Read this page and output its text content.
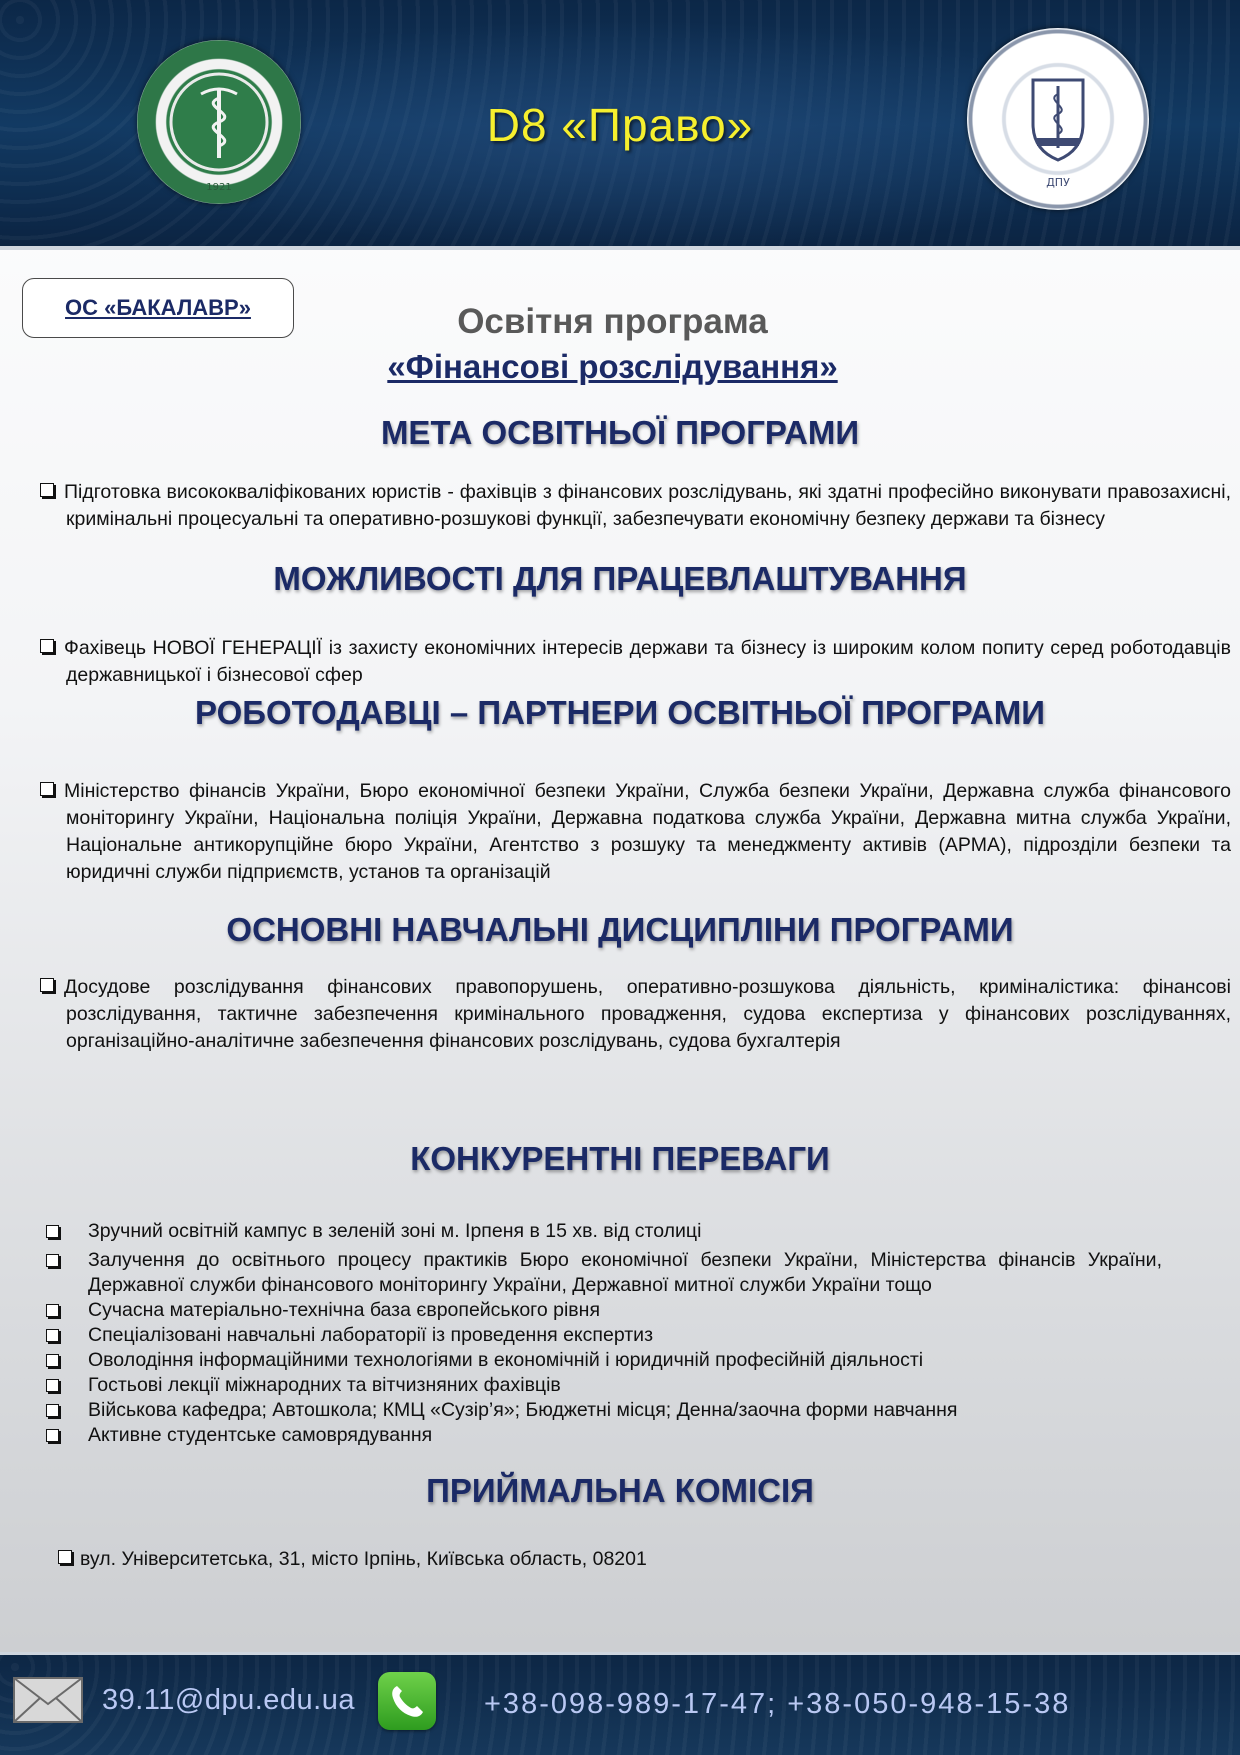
1921
D8 «Право»
ДПУ
ОС «БАКАЛАВР»	Освітня програма
«Фінансові розслідування»
МЕТА ОСВІТНЬОЇ ПРОГРАМИ
Підготовка висококваліфікованих юристів - фахівців з фінансових розслідувань, які здатні професійно виконувати правозахисні, кримінальні процесуальні та оперативно-розшукові функції, забезпечувати економічну безпеку держави та бізнесу
МОЖЛИВОСТІ ДЛЯ ПРАЦЕВЛАШТУВАННЯ
Фахівець НОВОЇ ГЕНЕРАЦІЇ із захисту економічних інтересів держави та бізнесу із широким колом попиту серед роботодавців державницької і бізнесової сфер
РОБОТОДАВЦІ – ПАРТНЕРИ ОСВІТНЬОЇ ПРОГРАМИ
Міністерство фінансів України, Бюро економічної безпеки України, Служба безпеки України, Державна служба фінансового моніторингу України, Національна поліція України, Державна податкова служба України, Державна митна служба України, Національне антикорупційне бюро України, Агентство з розшуку та менеджменту активів (АРМА), підрозділи безпеки та юридичні служби підприємств, установ та організацій
ОСНОВНІ НАВЧАЛЬНІ ДИСЦИПЛІНИ ПРОГРАМИ
Досудове розслідування фінансових правопорушень, оперативно-розшукова діяльність, криміналістика: фінансові розслідування, тактичне забезпечення кримінального провадження, судова експертиза у фінансових розслідуваннях, організаційно-аналітичне забезпечення фінансових розслідувань, судова бухгалтерія
КОНКУРЕНТНІ ПЕРЕВАГИ
Зручний освітній кампус в зеленій зоні м. Ірпеня в 15 хв. від столиці
Залучення до освітнього процесу практиків Бюро економічної безпеки України, Міністерства фінансів України, Державної служби фінансового моніторингу України, Державної митної служби України тощо
Сучасна матеріально-технічна база європейського рівня
Спеціалізовані навчальні лабораторії із проведення експертиз
Оволодіння інформаційними технологіями в економічній і юридичній професійній діяльності
Гостьові лекції міжнародних та вітчизняних фахівців
Військова кафедра; Автошкола; КМЦ «Сузір’я»; Бюджетні місця; Денна/заочна форми навчання
Активне студентське самоврядування
ПРИЙМАЛЬНА КОМІСІЯ
вул. Університетська, 31, місто Ірпінь, Київська область, 08201
39.11@dpu.edu.ua	+38-098-989-17-47; +38-050-948-15-38
